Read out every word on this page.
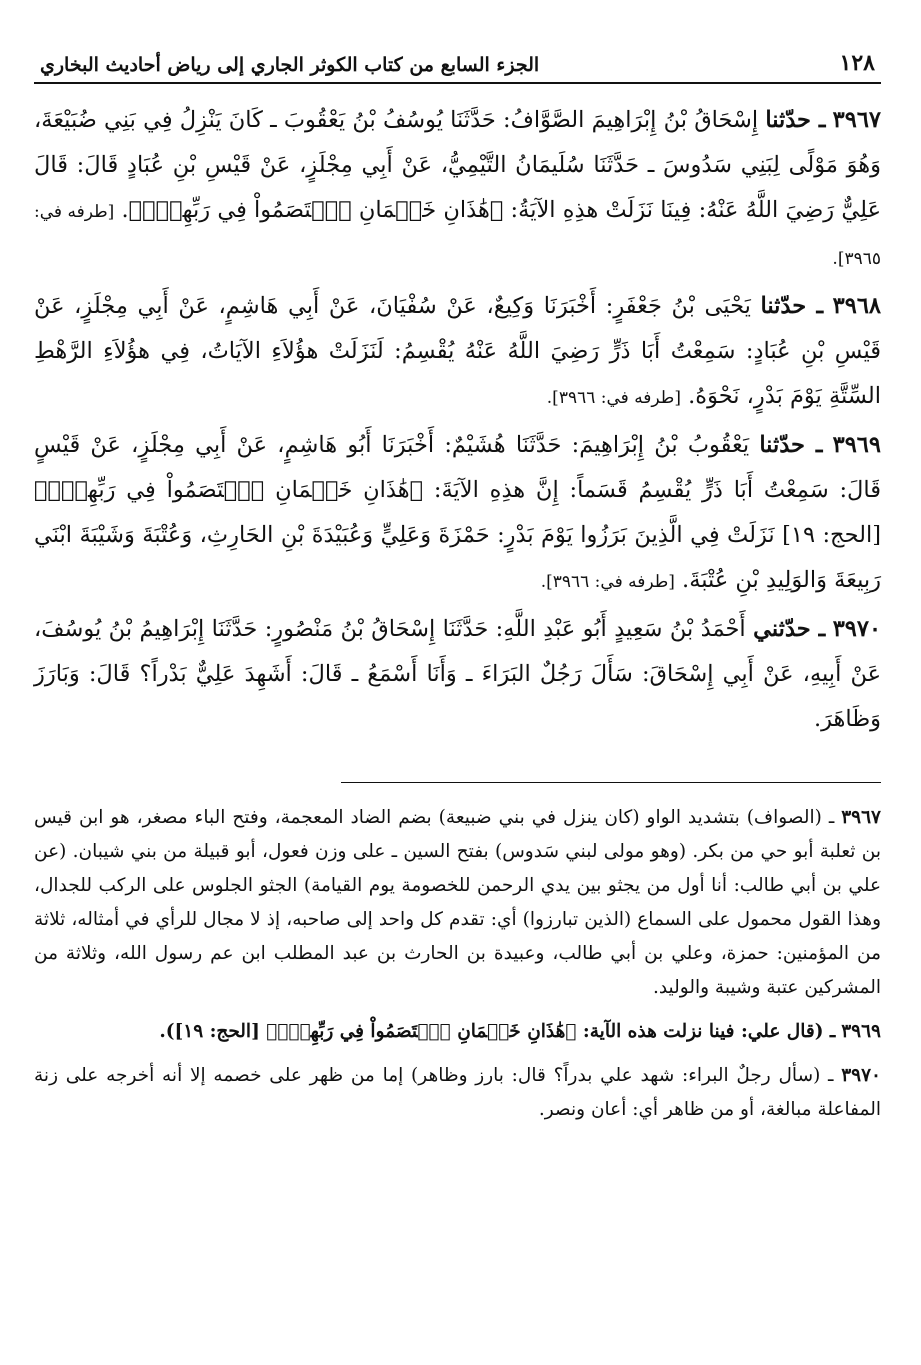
١٢٨
الجزء السابع من كتاب الكوثر الجاري إلى رياض أحاديث البخاري

٣٩٦٧ ـ حدّثنا إِسْحَاقُ بْنُ إِبْرَاهِيمَ الصَّوَّافُ: حَدَّثَنَا يُوسُفُ بْنُ يَعْقُوبَ ـ كَانَ يَنْزِلُ فِي بَنِي ضُبَيْعَةَ، وَهُوَ مَوْلًى لِبَنِي سَدُوسَ ـ حَدَّثَنَا سُلَيمَانُ التَّيْمِيُّ، عَنْ أَبِي مِجْلَزٍ، عَنْ قَيْسِ بْنِ عُبَادٍ قَالَ: قَالَ عَلِيٌّ رَضِيَ اللَّهُ عَنْهُ: فِينَا نَزَلَتْ هذِهِ الآيَةُ: ﴿هَٰذَانِ خَصۡمَانِ ٱخۡتَصَمُواْ فِي رَبِّهِمۡۖ﴾. [طرفه في: ٣٩٦٥].

٣٩٦٨ ـ حدّثنا يَحْيَى بْنُ جَعْفَرٍ: أَخْبَرَنَا وَكِيعٌ، عَنْ سُفْيَانَ، عَنْ أَبِي هَاشِمٍ، عَنْ أَبِي مِجْلَزٍ، عَنْ قَيْسِ بْنِ عُبَادٍ: سَمِعْتُ أَبَا ذَرٍّ رَضِيَ اللَّهُ عَنْهُ يُقْسِمُ: لَنَزَلَتْ هؤُلاَءِ الآيَاتُ، فِي هؤُلاَءِ الرَّهْطِ السِّتَّةِ يَوْمَ بَدْرٍ، نَحْوَهُ. [طرفه في: ٣٩٦٦].

٣٩٦٩ ـ حدّثنا يَعْقُوبُ بْنُ إِبْرَاهِيمَ: حَدَّثَنَا هُشَيْمٌ: أَخْبَرَنَا أَبُو هَاشِمٍ، عَنْ أَبِي مِجْلَزٍ، عَنْ قَيْسٍ قَالَ: سَمِعْتُ أَبَا ذَرٍّ يُقْسِمُ قَسَماً: إِنَّ هذِهِ الآيَةَ: ﴿هَٰذَانِ خَصۡمَانِ ٱخۡتَصَمُواْ فِي رَبِّهِمۡۖ﴾ [الحج: ١٩] نَزَلَتْ فِي الَّذِينَ بَرَزُوا يَوْمَ بَدْرٍ: حَمْزَةَ وَعَلِيٍّ وَعُبَيْدَةَ بْنِ الحَارِثِ، وَعُتْبَةَ وَشَيْبَةَ ابْنَي رَبِيعَةَ وَالوَلِيدِ بْنِ عُتْبَةَ. [طرفه في: ٣٩٦٦].

٣٩٧٠ ـ حدّثني أَحْمَدُ بْنُ سَعِيدٍ أَبُو عَبْدِ اللَّهِ: حَدَّثَنَا إِسْحَاقُ بْنُ مَنْصُورٍ: حَدَّثَنَا إِبْرَاهِيمُ بْنُ يُوسُفَ، عَنْ أَبِيهِ، عَنْ أَبِي إِسْحَاقَ: سَأَلَ رَجُلٌ البَرَاءَ ـ وَأَنَا أَسْمَعُ ـ قَالَ: أَشَهِدَ عَلِيٌّ بَدْراً؟ قَالَ: وَبَارَزَ وَظَاهَرَ.

٣٩٦٧ ـ (الصواف) بتشديد الواو (كان ينزل في بني ضبيعة) بضم الضاد المعجمة، وفتح الباء مصغر، هو ابن قيس بن ثعلبة أبو حي من بكر. (وهو مولى لبني سَدوس) بفتح السين ـ على وزن فعول، أبو قبيلة من بني شيبان. (عن علي بن أبي طالب: أنا أول من يجثو بين يدي الرحمن للخصومة يوم القيامة) الجثو الجلوس على الركب للجدال، وهذا القول محمول على السماع (الذين تبارزوا) أي: تقدم كل واحد إلى صاحبه، إذ لا مجال للرأي في أمثاله، ثلاثة من المؤمنين: حمزة، وعلي بن أبي طالب، وعبيدة بن الحارث بن عبد المطلب ابن عم رسول الله، وثلاثة من المشركين عتبة وشيبة والوليد.

٣٩٦٩ ـ (قال علي: فينا نزلت هذه الآية: ﴿هَٰذَانِ خَصۡمَانِ ٱخۡتَصَمُواْ فِي رَبِّهِمۡۖ﴾ [الحج: ١٩]).

٣٩٧٠ ـ (سأل رجلٌ البراء: شهد علي بدراً؟ قال: بارز وظاهر) إما من ظهر على خصمه إلا أنه أخرجه على زنة المفاعلة مبالغة، أو من ظاهر أي: أعان ونصر.
